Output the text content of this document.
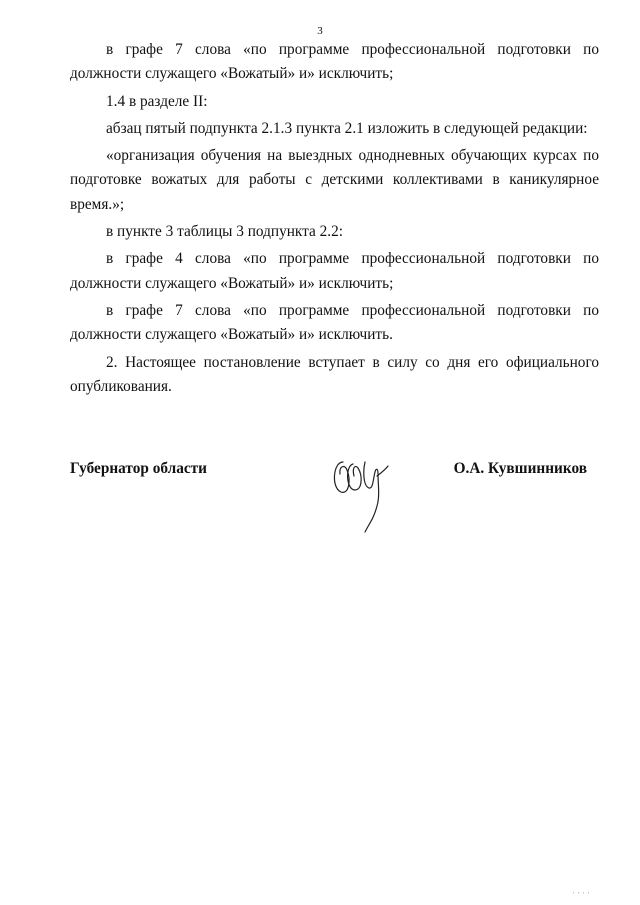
3

в графе 7 слова «по программе профессиональной подготовки по должности служащего «Вожатый» и» исключить;

1.4 в разделе II:

абзац пятый подпункта 2.1.3 пункта 2.1 изложить в следующей редакции:

«организация обучения на выездных однодневных обучающих курсах по подготовке вожатых для работы с детскими коллективами в каникулярное время.»;

в пункте 3 таблицы 3 подпункта 2.2:

в графе 4 слова «по программе профессиональной подготовки по должности служащего «Вожатый» и» исключить;

в графе 7 слова «по программе профессиональной подготовки по должности служащего «Вожатый» и» исключить.

2. Настоящее постановление вступает в силу со дня его официального опубликования.

Губернатор области	О.А. Кувшинников
' ' ' '
